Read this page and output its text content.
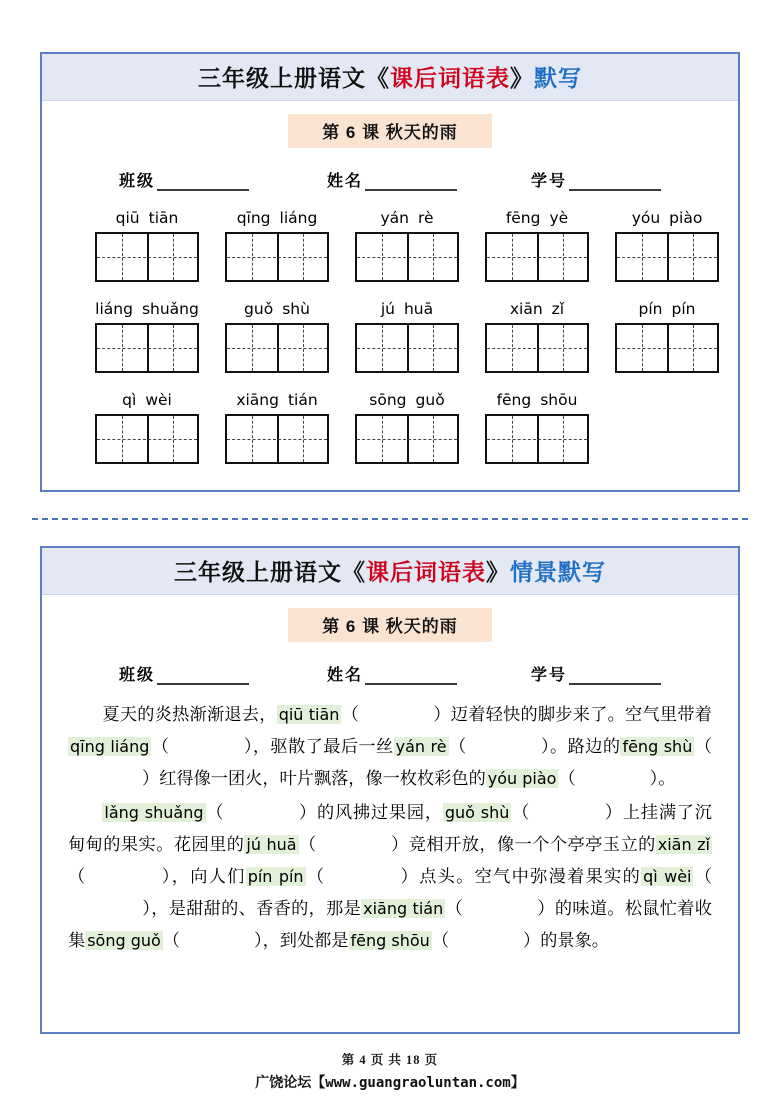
三年级上册语文《课后词语表》默写
第 6 课 秋天的雨
班级	姓名	学号
qiū tiān	qīng liáng	yán rè	fēng yè	yóu piào
liáng shuǎng	guǒ shù	jú huā	xiān zǐ	pín pín
qì wèi	xiāng tián	sōng guǒ	fēng shōu
三年级上册语文《课后词语表》情景默写
第 6 课 秋天的雨
班级	姓名	学号

夏天的炎热渐渐退去， qiū tiān （	）迈着轻快的脚步来了。空气里带着qīng liáng （	），驱散了最后一丝 yán rè （	）。路边的 fēng shù （）红得像一团火，叶片飘落，像一枚枚彩色的 yóu piào （	）。

lǎng shuǎng （	）的风拂过果园， guǒ shù （	）上挂满了沉甸甸的果实。花园里的 jú huā （	）竞相开放，像一个个亭亭玉立的 xiān zǐ（	），向人们 pín pín （	）点头。空气中弥漫着果实的 qì wèi （），是甜甜的、香香的，那是 xiāng tián （	）的味道。松鼠忙着收集 sōng guǒ （	），到处都是 fēng shōu （	）的景象。

第 4 页 共 18 页
广饶论坛【www.guangraoluntan.com】
